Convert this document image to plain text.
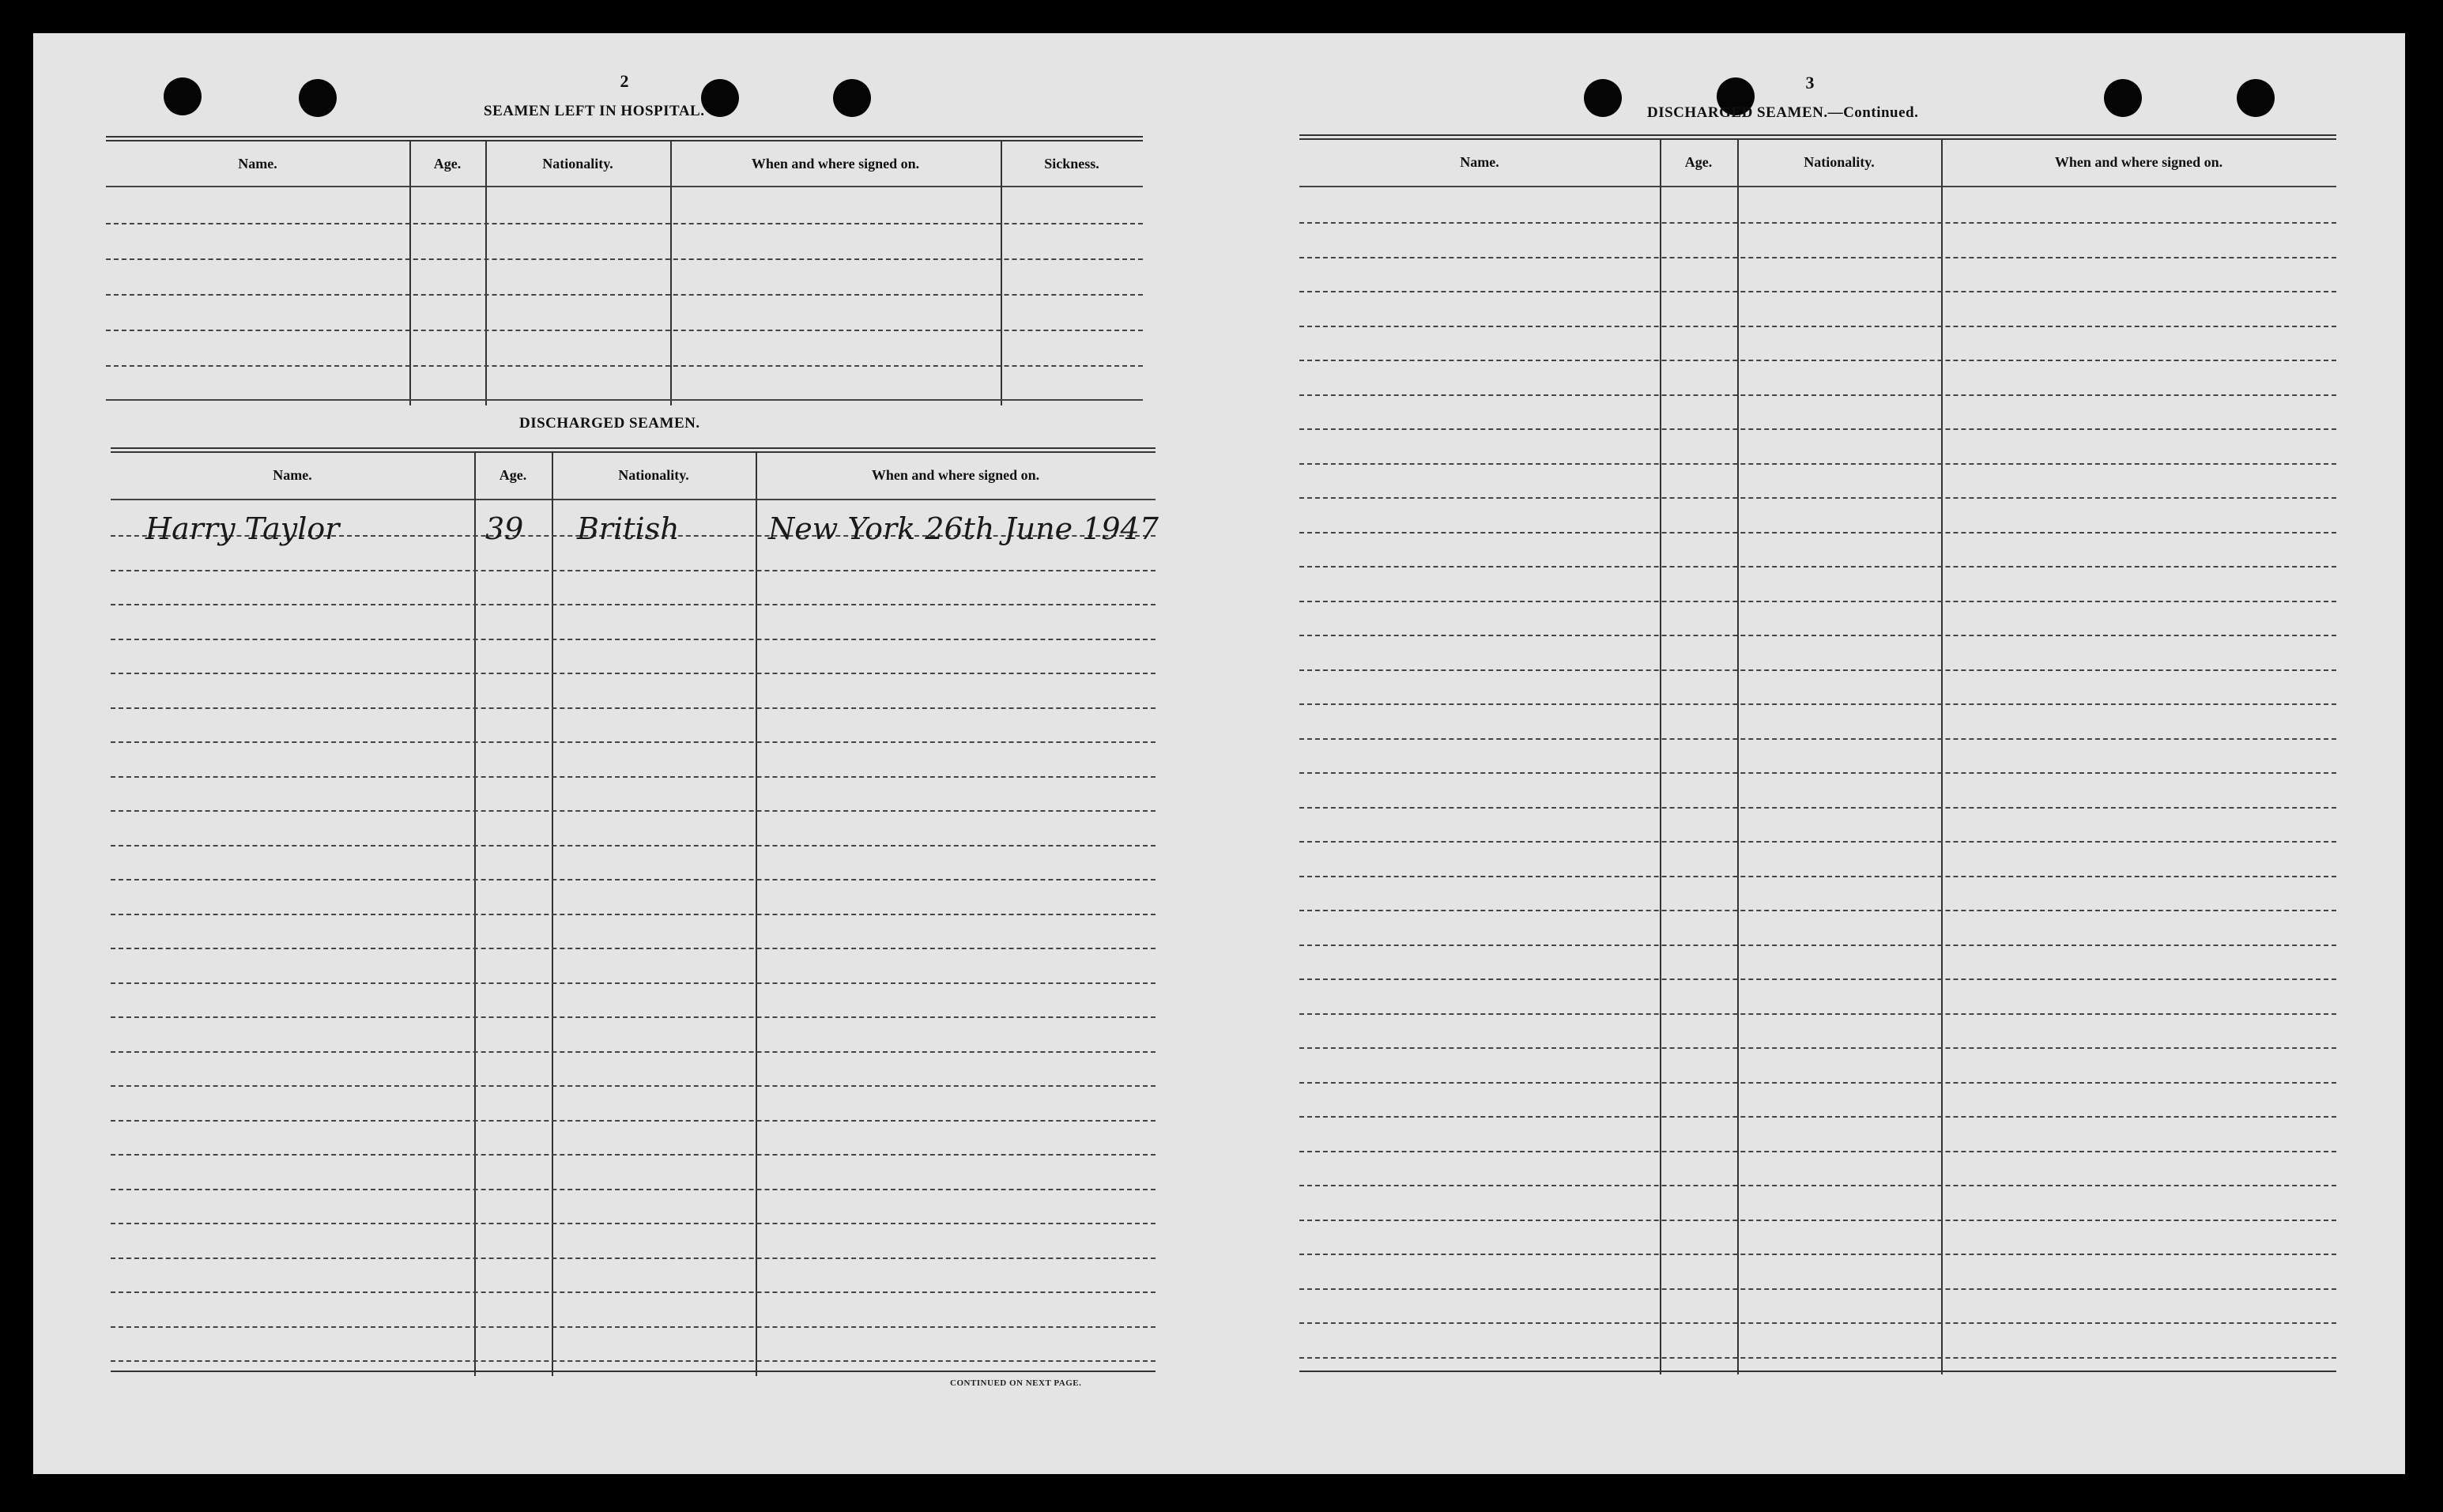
2
SEAMEN LEFT IN HOSPITAL.
Name.	Age.	Nationality.	When and where signed on.	Sickness.
DISCHARGED SEAMEN.
Name.	Age.	Nationality.	When and where signed on.
Harry Taylor	39 British	New York 26th June 1947
CONTINUED ON NEXT PAGE.
3
DISCHARGED SEAMEN.—Continued.
Name.	Age.	Nationality.	When and where signed on.
